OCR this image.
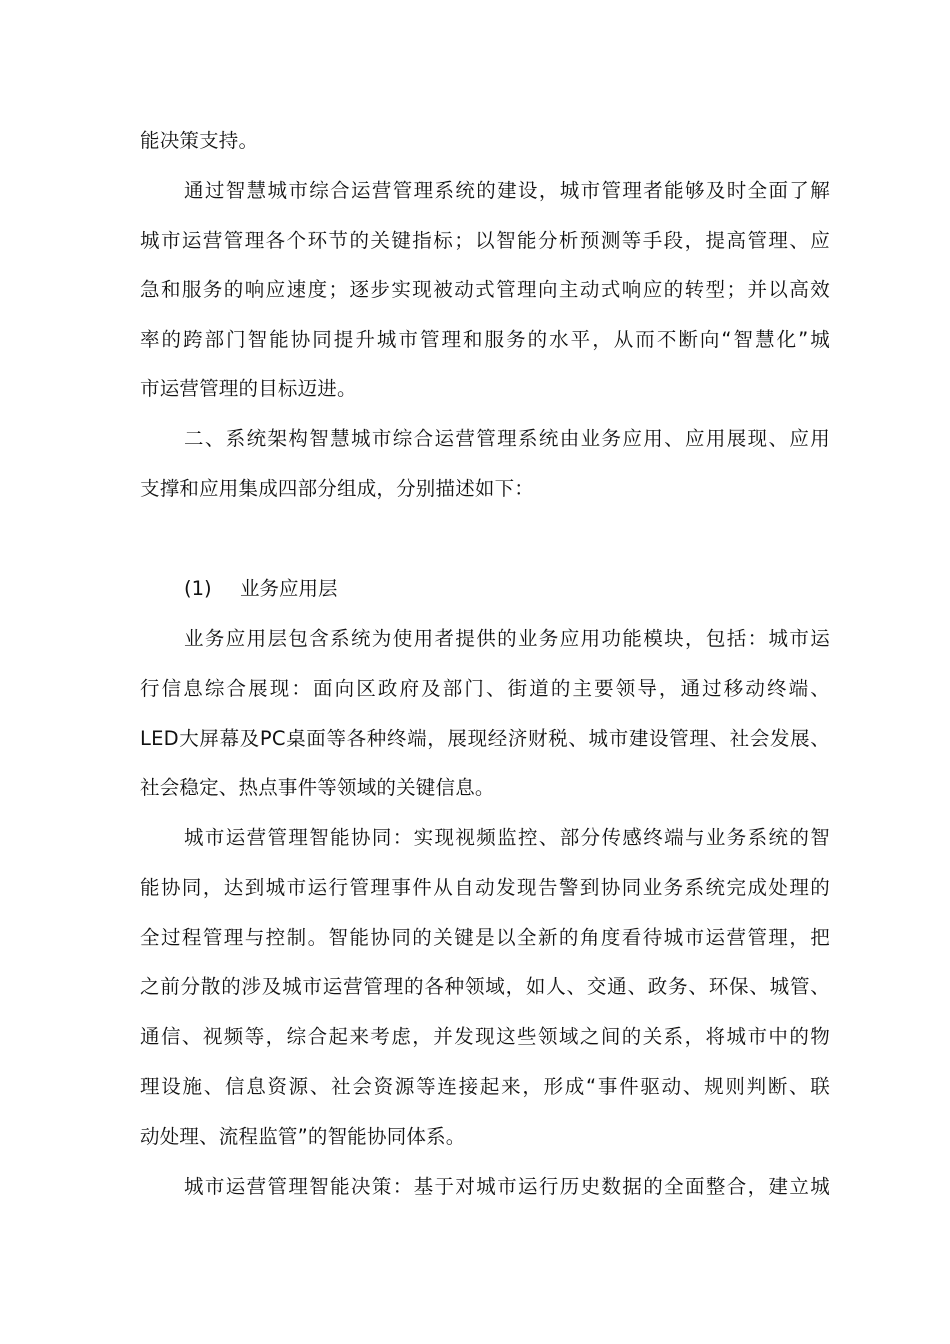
能决策支持。
通过智慧城市综合运营管理系统的建设，城市管理者能够及时全面了解
城市运营管理各个环节的关键指标；以智能分析预测等手段，提高管理、应
急和服务的响应速度；逐步实现被动式管理向主动式响应的转型；并以高效
率的跨部门智能协同提升城市管理和服务的水平，从而不断向“智慧化”城
市运营管理的目标迈进。
二、系统架构智慧城市综合运营管理系统由业务应用、应用展现、应用
支撑和应用集成四部分组成，分别描述如下：
(1) 业务应用层
业务应用层包含系统为使用者提供的业务应用功能模块，包括：城市运
行信息综合展现：面向区政府及部门、街道的主要领导，通过移动终端、
LED大屏幕及PC桌面等各种终端，展现经济财税、城市建设管理、社会发展、
社会稳定、热点事件等领域的关键信息。
城市运营管理智能协同：实现视频监控、部分传感终端与业务系统的智
能协同，达到城市运行管理事件从自动发现告警到协同业务系统完成处理的
全过程管理与控制。智能协同的关键是以全新的角度看待城市运营管理，把
之前分散的涉及城市运营管理的各种领域，如人、交通、政务、环保、城管、
通信、视频等，综合起来考虑，并发现这些领域之间的关系，将城市中的物
理设施、信息资源、社会资源等连接起来，形成“事件驱动、规则判断、联
动处理、流程监管”的智能协同体系。
城市运营管理智能决策：基于对城市运行历史数据的全面整合，建立城
